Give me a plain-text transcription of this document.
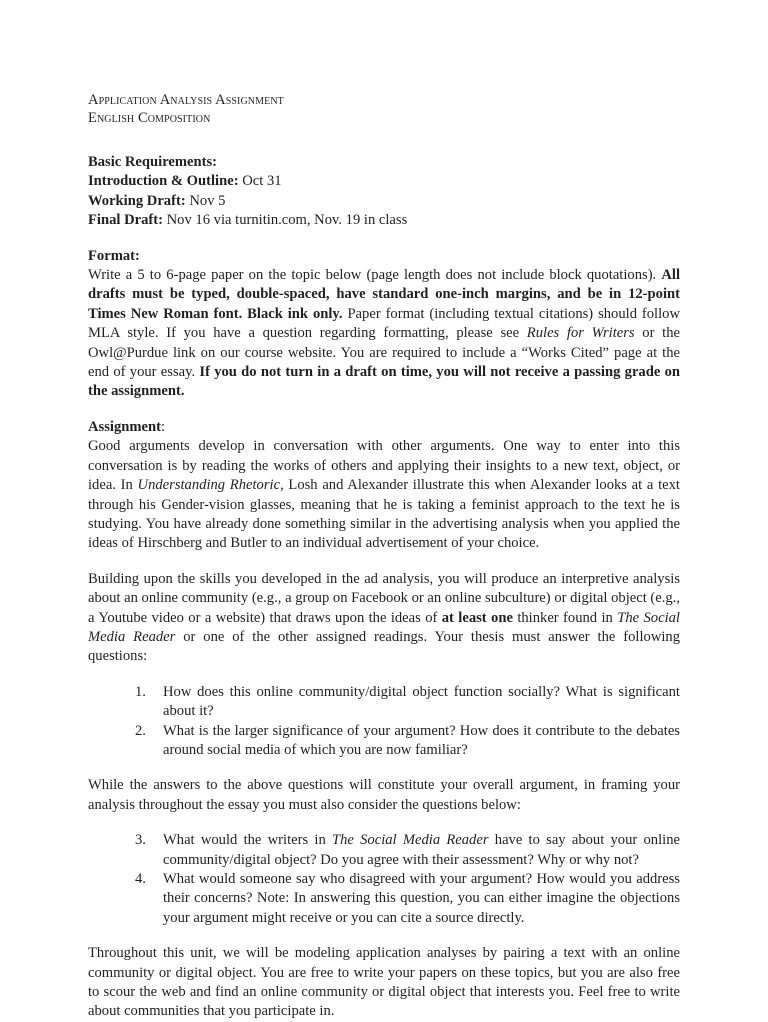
Application Analysis Assignment
English Composition
Basic Requirements:
Introduction & Outline: Oct 31
Working Draft: Nov 5
Final Draft: Nov 16 via turnitin.com, Nov. 19 in class
Format:

Write a 5 to 6-page paper on the topic below (page length does not include block quotations). All drafts must be typed, double-spaced, have standard one-inch margins, and be in 12-point Times New Roman font. Black ink only. Paper format (including textual citations) should follow MLA style. If you have a question regarding formatting, please see Rules for Writers or the Owl@Purdue link on our course website. You are required to include a “Works Cited” page at the end of your essay. If you do not turn in a draft on time, you will not receive a passing grade on the assignment.

Assignment:

Good arguments develop in conversation with other arguments. One way to enter into this conversation is by reading the works of others and applying their insights to a new text, object, or idea. In Understanding Rhetoric, Losh and Alexander illustrate this when Alexander looks at a text through his Gender-vision glasses, meaning that he is taking a feminist approach to the text he is studying. You have already done something similar in the advertising analysis when you applied the ideas of Hirschberg and Butler to an individual advertisement of your choice.

Building upon the skills you developed in the ad analysis, you will produce an interpretive analysis about an online community (e.g., a group on Facebook or an online subculture) or digital object (e.g., a Youtube video or a website) that draws upon the ideas of at least one thinker found in The Social Media Reader or one of the other assigned readings. Your thesis must answer the following questions:

1.	How does this online community/digital object function socially? What is significant about it?
2.	What is the larger significance of your argument? How does it contribute to the debates around social media of which you are now familiar?

While the answers to the above questions will constitute your overall argument, in framing your analysis throughout the essay you must also consider the questions below:

3.	What would the writers in The Social Media Reader have to say about your online community/digital object? Do you agree with their assessment? Why or why not?
4.	What would someone say who disagreed with your argument? How would you address their concerns? Note: In answering this question, you can either imagine the objections your argument might receive or you can cite a source directly.

Throughout this unit, we will be modeling application analyses by pairing a text with an online community or digital object. You are free to write your papers on these topics, but you are also free to scour the web and find an online community or digital object that interests you. Feel free to write about communities that you participate in.
